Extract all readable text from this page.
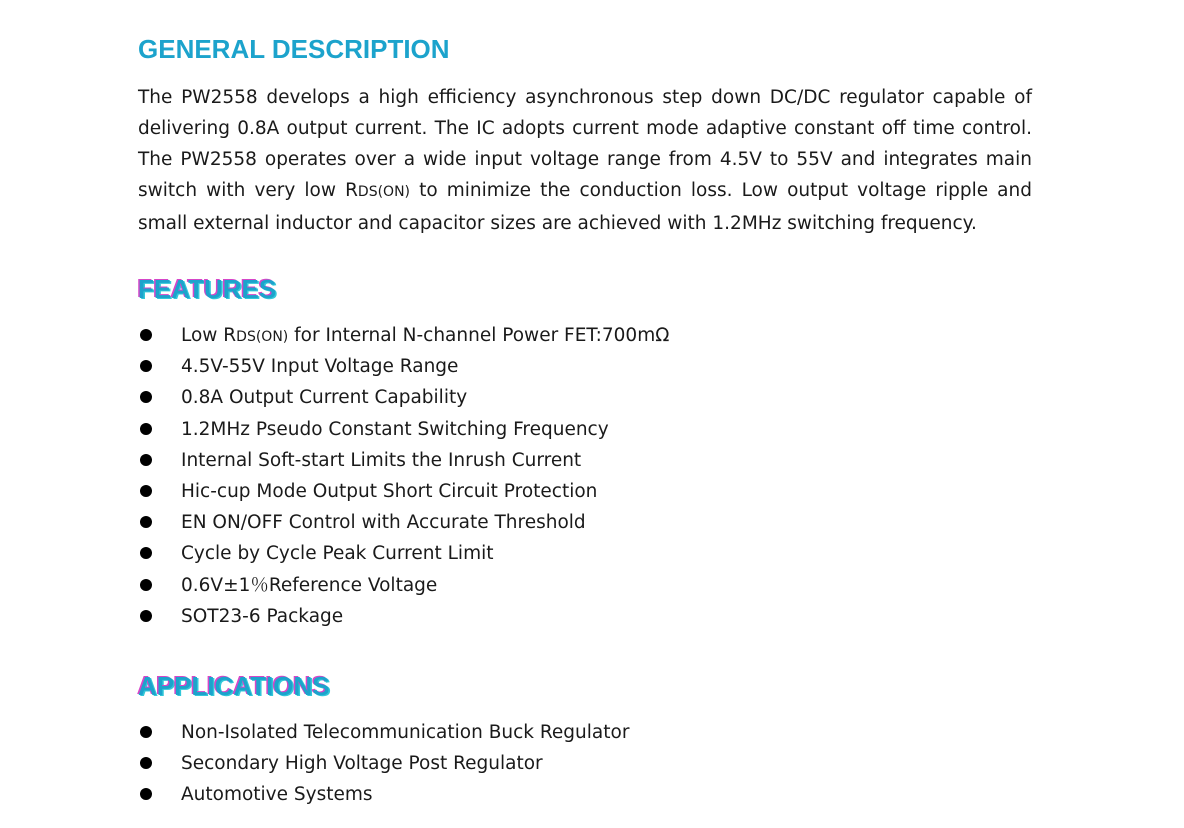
GENERAL DESCRIPTION

The PW2558 develops a high efficiency asynchronous step down DC/DC regulator capable of delivering 0.8A output current. The IC adopts current mode adaptive constant off time control. The PW2558 operates over a wide input voltage range from 4.5V to 55V and integrates main switch with very low RDS(ON) to minimize the conduction loss. Low output voltage ripple and small external inductor and capacitor sizes are achieved with 1.2MHz switching frequency.

FEATURES
Low RDS(ON) for Internal N-channel Power FET:700mΩ
4.5V-55V Input Voltage Range
0.8A Output Current Capability
1.2MHz Pseudo Constant Switching Frequency
Internal Soft-start Limits the Inrush Current
Hic-cup Mode Output Short Circuit Protection
EN ON/OFF Control with Accurate Threshold
Cycle by Cycle Peak Current Limit
0.6V±1％Reference Voltage
SOT23-6 Package
APPLICATIONS
Non-Isolated Telecommunication Buck Regulator
Secondary High Voltage Post Regulator
Automotive Systems
